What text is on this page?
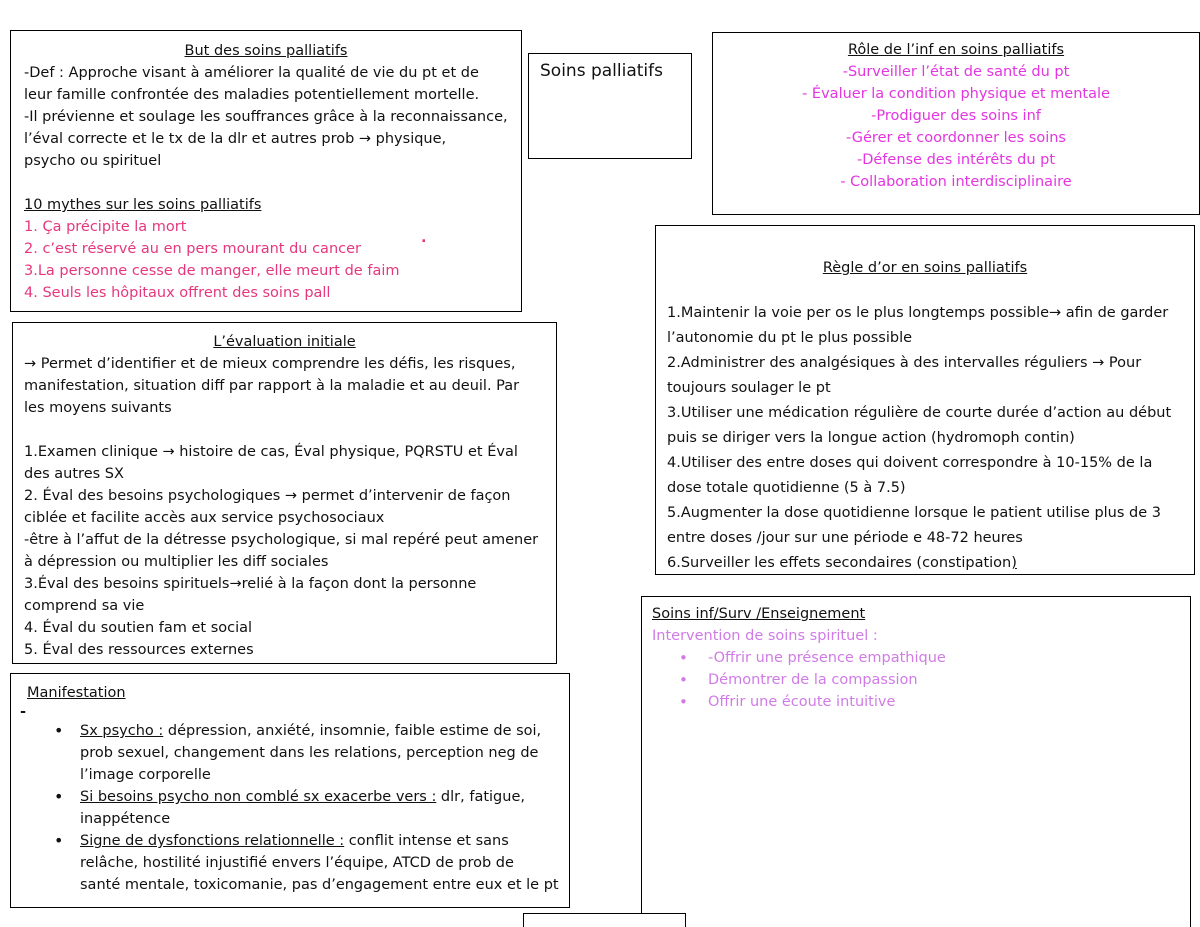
But des soins palliatifs

-Def : Approche visant à améliorer la qualité de vie du pt et de

leur famille confrontée des maladies potentiellement mortelle.

-Il prévienne et soulage les souffrances grâce à la reconnaissance,

l’éval correcte et le tx de la dlr et autres prob → physique,

psycho ou spirituel

10 mythes sur les soins palliatifs

1. Ça précipite la mort

2. c’est réservé au en pers mourant du cancer

3.La personne cesse de manger, elle meurt de faim

4. Seuls les hôpitaux offrent des soins pall

.

Soins palliatifs

Rôle de l’inf en soins palliatifs

-Surveiller l’état de santé du pt

- Évaluer la condition physique et mentale

-Prodiguer des soins inf

-Gérer et coordonner les soins

-Défense des intérêts du pt

- Collaboration interdisciplinaire

L’évaluation initiale

→ Permet d’identifier et de mieux comprendre les défis, les risques,

manifestation, situation diff par rapport à la maladie et au deuil. Par

les moyens suivants

1.Examen clinique → histoire de cas, Éval physique, PQRSTU et Éval

des autres SX

2. Éval des besoins psychologiques → permet d’intervenir de façon

ciblée et facilite accès aux service psychosociaux

-être à l’affut de la détresse psychologique, si mal repéré peut amener

à dépression ou multiplier les diff sociales

3.Éval des besoins spirituels→relié à la façon dont la personne

comprend sa vie

4. Éval du soutien fam et social

5. Éval des ressources externes

Règle d’or en soins palliatifs

1.Maintenir la voie per os le plus longtemps possible→ afin de garder

l’autonomie du pt le plus possible

2.Administrer des analgésiques à des intervalles réguliers → Pour

toujours soulager le pt

3.Utiliser une médication régulière de courte durée d’action au début

puis se diriger vers la longue action (hydromoph contin)

4.Utiliser des entre doses qui doivent correspondre à 10-15% de la

dose totale quotidienne (5 à 7.5)

5.Augmenter la dose quotidienne lorsque le patient utilise plus de 3

entre doses /jour sur une période e 48-72 heures

6.Surveiller les effets secondaires (constipation)

Manifestation

-

• Sx psycho : dépression, anxiété, insomnie, faible estime de soi,
prob sexuel, changement dans les relations, perception neg de
l’image corporelle
• Si besoins psycho non comblé sx exacerbe vers : dlr, fatigue,
inappétence
• Signe de dysfonctions relationnelle : conflit intense et sans
relâche, hostilité injustifié envers l’équipe, ATCD de prob de
santé mentale, toxicomanie, pas d’engagement entre eux et le pt

Soins inf/Surv /Enseignement

Intervention de soins spirituel :

• -Offrir une présence empathique
• Démontrer de la compassion
• Offrir une écoute intuitive
